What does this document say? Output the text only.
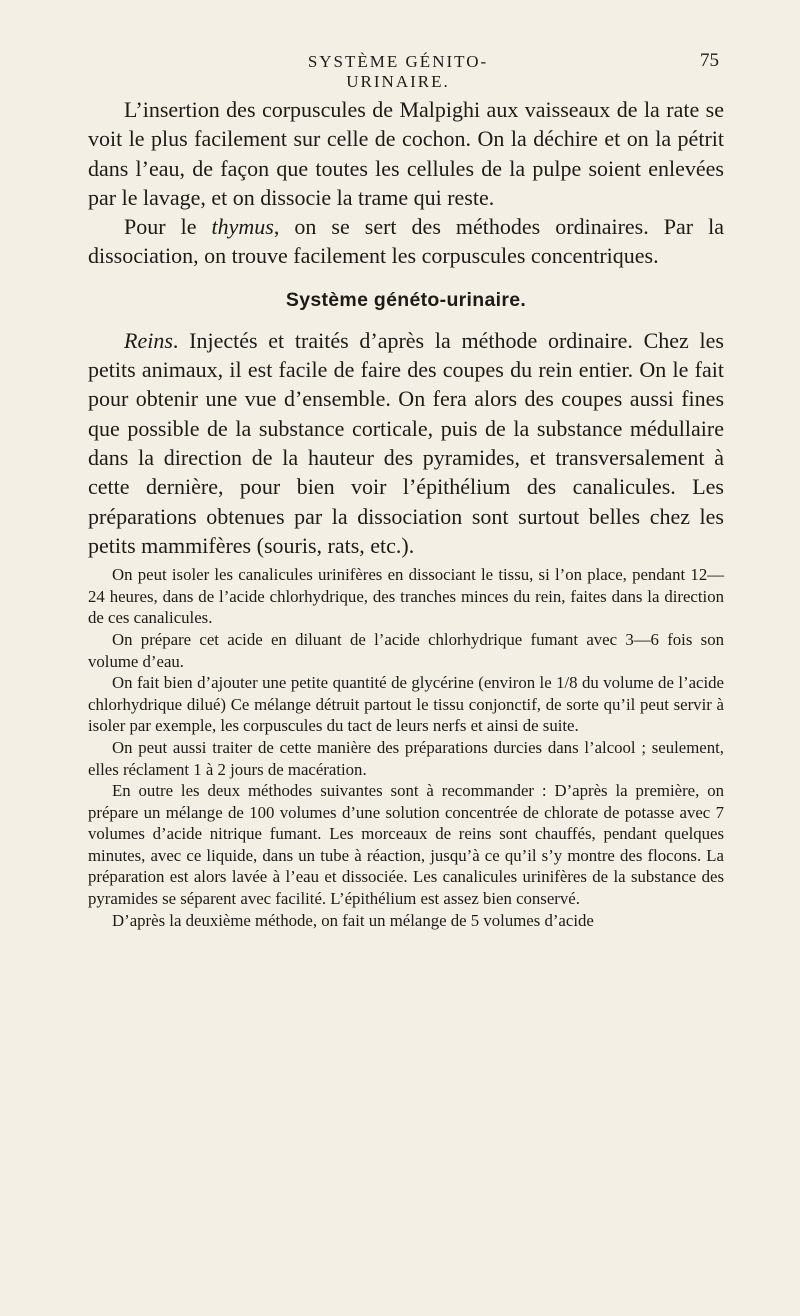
SYSTÈME GÉNITO-URINAIRE.
75

L’insertion des corpuscules de Malpighi aux vaisseaux de la rate se voit le plus facilement sur celle de cochon. On la déchire et on la pétrit dans l’eau, de façon que toutes les cellules de la pulpe soient enlevées par le lavage, et on dissocie la trame qui reste.

Pour le thymus, on se sert des méthodes ordinaires. Par la dissociation, on trouve facilement les corpuscules concentriques.

Système généto-urinaire.

Reins. Injectés et traités d’après la méthode ordinaire. Chez les petits animaux, il est facile de faire des coupes du rein entier. On le fait pour obtenir une vue d’ensemble. On fera alors des coupes aussi fines que possible de la substance corticale, puis de la substance médullaire dans la direction de la hauteur des pyramides, et transversalement à cette dernière, pour bien voir l’épithélium des canalicules. Les préparations obtenues par la dissociation sont surtout belles chez les petits mammifères (souris, rats, etc.).

On peut isoler les canalicules urinifères en dissociant le tissu, si l’on place, pendant 12—24 heures, dans de l’acide chlorhydrique, des tranches minces du rein, faites dans la direction de ces canalicules.

On prépare cet acide en diluant de l’acide chlorhydrique fumant avec 3—6 fois son volume d’eau.

On fait bien d’ajouter une petite quantité de glycérine (environ le 1/8 du volume de l’acide chlorhydrique dilué) Ce mélange détruit partout le tissu conjonctif, de sorte qu’il peut servir à isoler par exemple, les corpuscules du tact de leurs nerfs et ainsi de suite.

On peut aussi traiter de cette manière des préparations durcies dans l’alcool ; seulement, elles réclament 1 à 2 jours de macération.

En outre les deux méthodes suivantes sont à recommander : D’après la première, on prépare un mélange de 100 volumes d’une solution concentrée de chlorate de potasse avec 7 volumes d’acide nitrique fumant. Les morceaux de reins sont chauffés, pendant quelques minutes, avec ce liquide, dans un tube à réaction, jusqu’à ce qu’il s’y montre des flocons. La préparation est alors lavée à l’eau et dissociée. Les canalicules urinifères de la substance des pyramides se séparent avec facilité. L’épithélium est assez bien conservé.

D’après la deuxième méthode, on fait un mélange de 5 volumes d’acide
